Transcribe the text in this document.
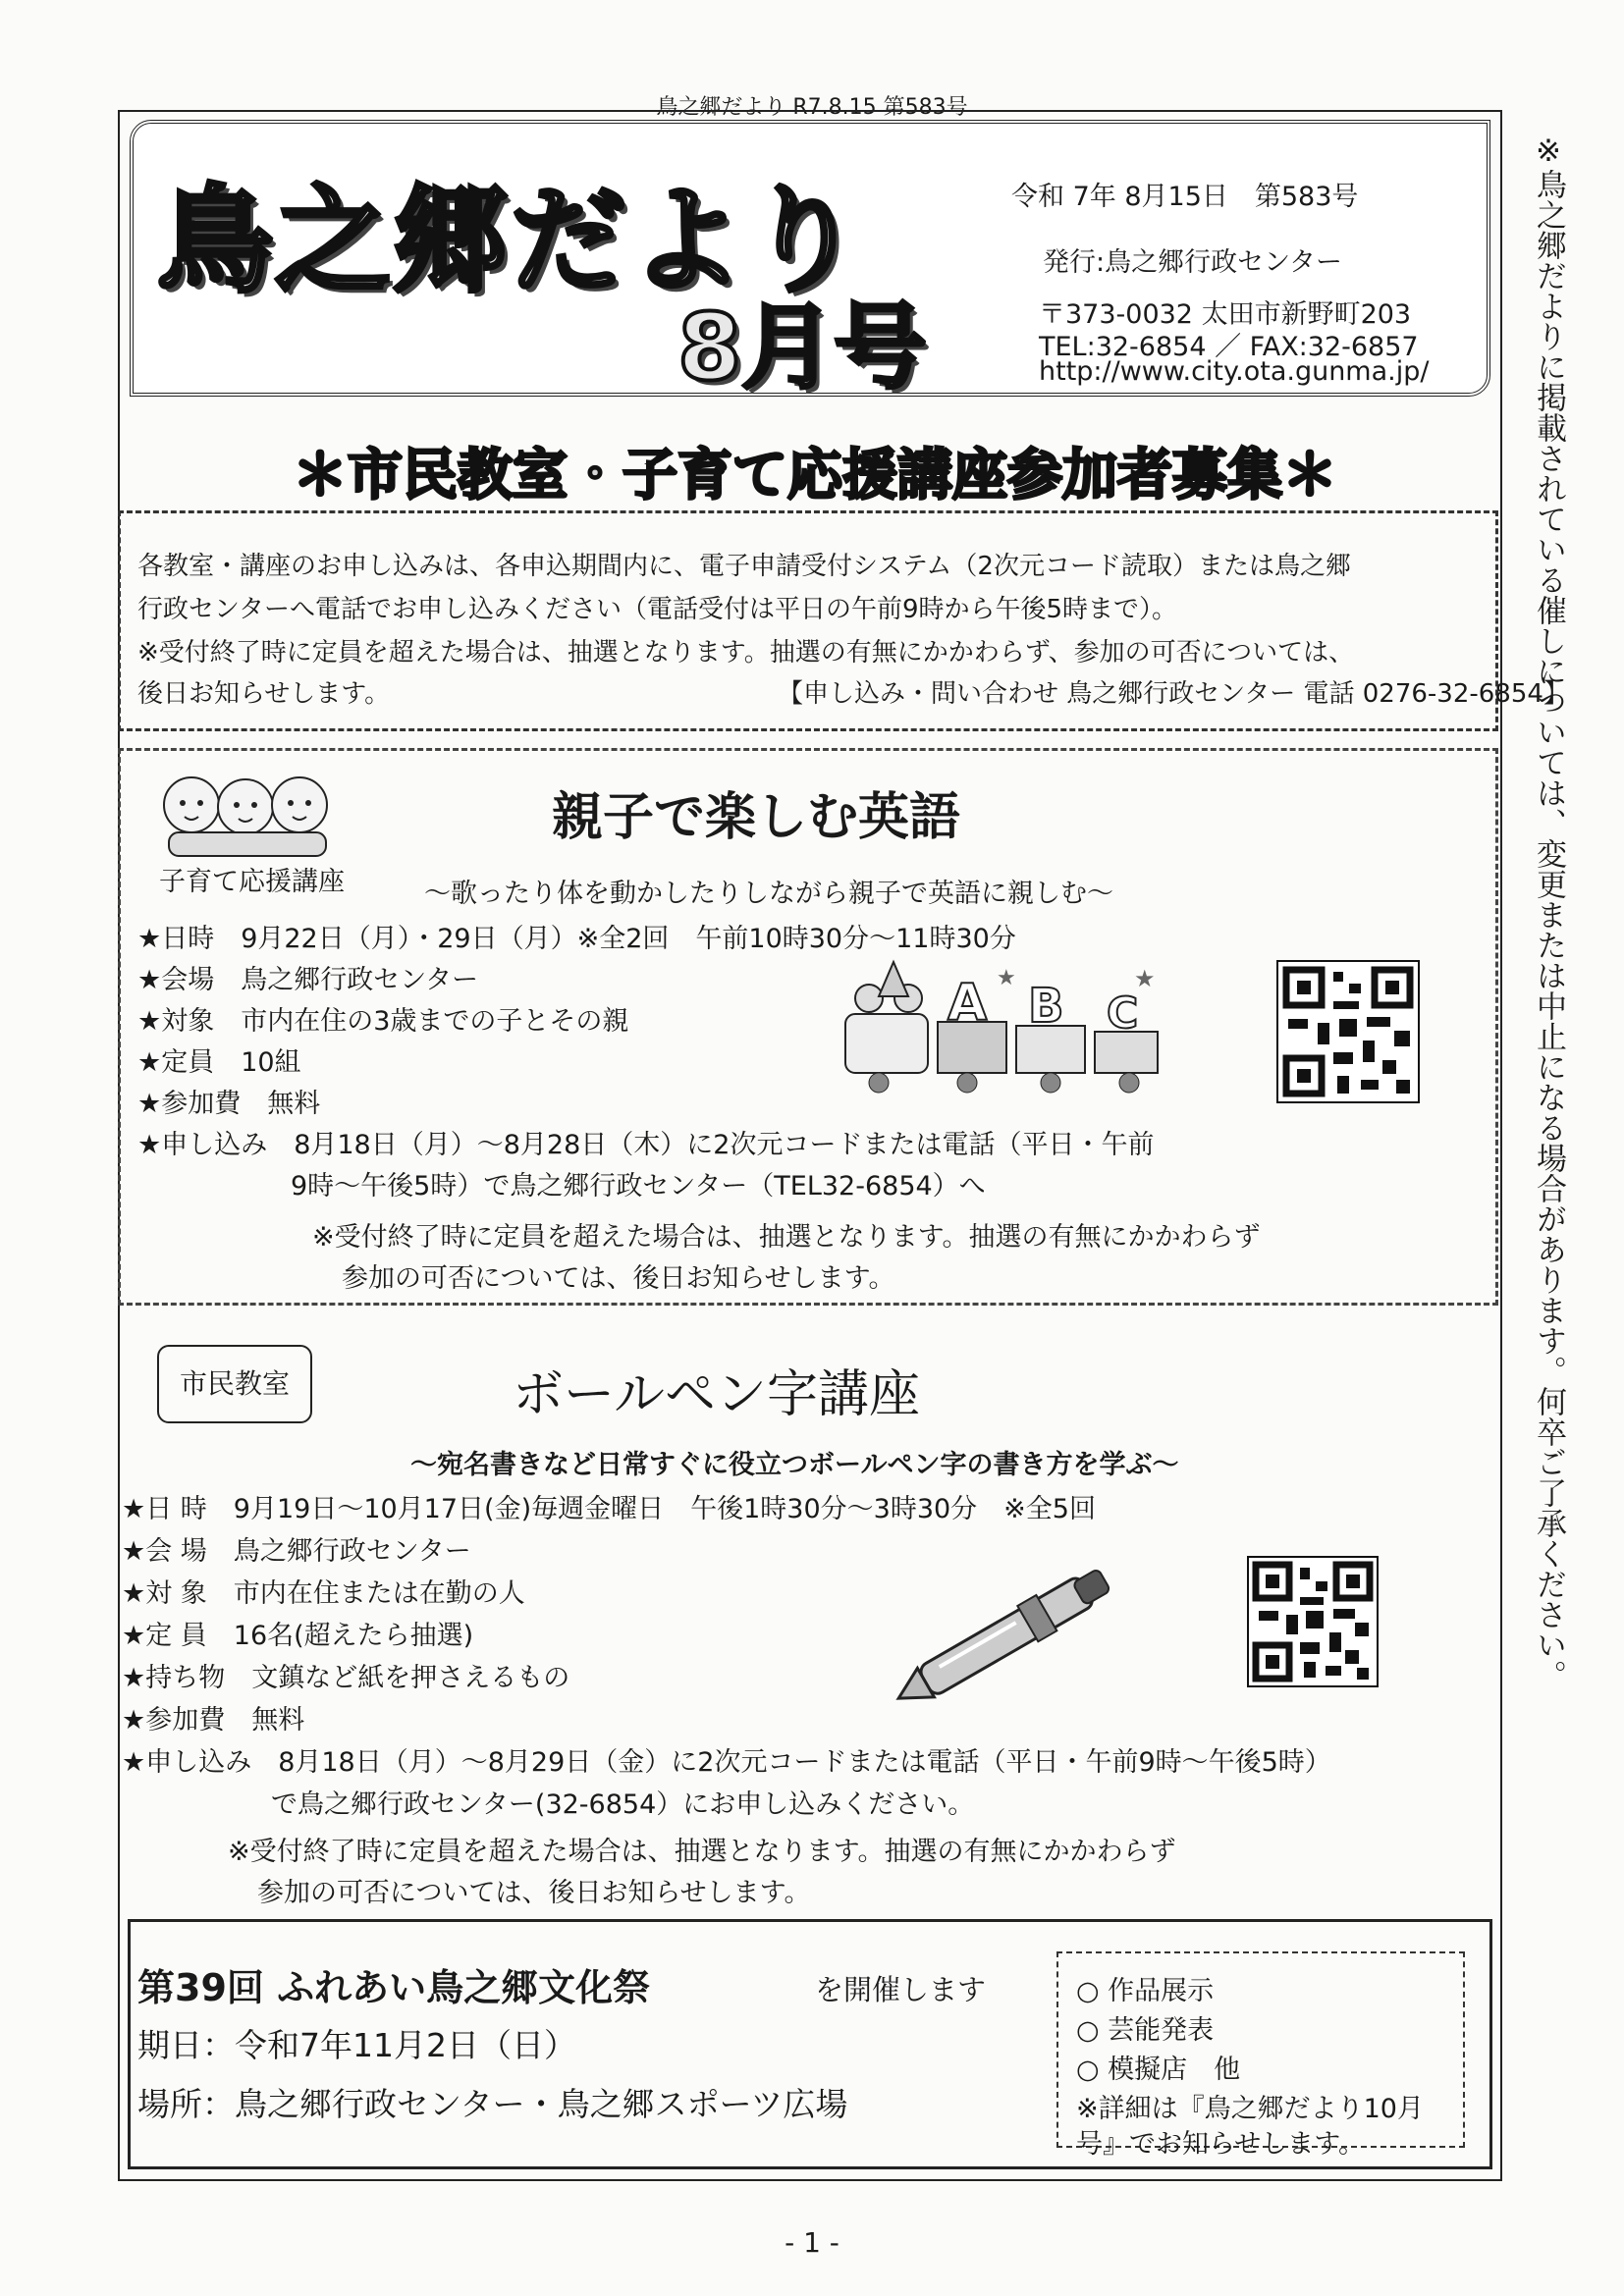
鳥之郷だより R7.8.15 第583号
鳥之郷だより
8月号
令和 7年 8月15日　第583号
発行:鳥之郷行政センター
〒373-0032 太田市新野町203
TEL:32-6854 ／ FAX:32-6857
http://www.city.ota.gunma.jp/
＊市民教室・子育て応援講座参加者募集＊
各教室・講座のお申し込みは、各申込期間内に、電子申請受付システム（2次元コード読取）または鳥之郷
行政センターへ電話でお申し込みください（電話受付は平日の午前9時から午後5時まで）。
※受付終了時に定員を超えた場合は、抽選となります。抽選の有無にかかわらず、参加の可否については、
後日お知らせします。	【申し込み・問い合わせ 鳥之郷行政センター 電話 0276-32-6854】
子育て応援講座
親子で楽しむ英語
～歌ったり体を動かしたりしながら親子で英語に親しむ～
★日時　9月22日（月）・29日（月）※全2回　午前10時30分～11時30分
★会場　鳥之郷行政センター
★対象　市内在住の3歳までの子とその親
★定員　10組
★参加費　無料
★申し込み　8月18日（月）～8月28日（木）に2次元コードまたは電話（平日・午前
9時～午後5時）で鳥之郷行政センター（TEL32-6854）へ
※受付終了時に定員を超えた場合は、抽選となります。抽選の有無にかかわらず
参加の可否については、後日お知らせします。
A B C
★	★
市民教室	ボールペン字講座
～宛名書きなど日常すぐに役立つボールペン字の書き方を学ぶ～
★日 時　9月19日～10月17日(金)毎週金曜日　午後1時30分～3時30分　※全5回
★会 場　鳥之郷行政センター
★対 象　市内在住または在勤の人
★定 員　16名(超えたら抽選)
★持ち物　文鎮など紙を押さえるもの
★参加費　無料
★申し込み　8月18日（月）～8月29日（金）に2次元コードまたは電話（平日・午前9時～午後5時）
で鳥之郷行政センター(32-6854）にお申し込みください。
※受付終了時に定員を超えた場合は、抽選となります。抽選の有無にかかわらず
参加の可否については、後日お知らせします。
第39回 ふれあい鳥之郷文化祭	を開催します
期日：令和7年11月2日（日）
場所：鳥之郷行政センター・鳥之郷スポーツ広場
○ 作品展示
○ 芸能発表
○ 模擬店　他
※詳細は『鳥之郷だより10月
号』でお知らせします。
※鳥之郷だよりに掲載されている催しについては、変更または中止になる場合があります。何卒ご了承ください。
- 1 -
